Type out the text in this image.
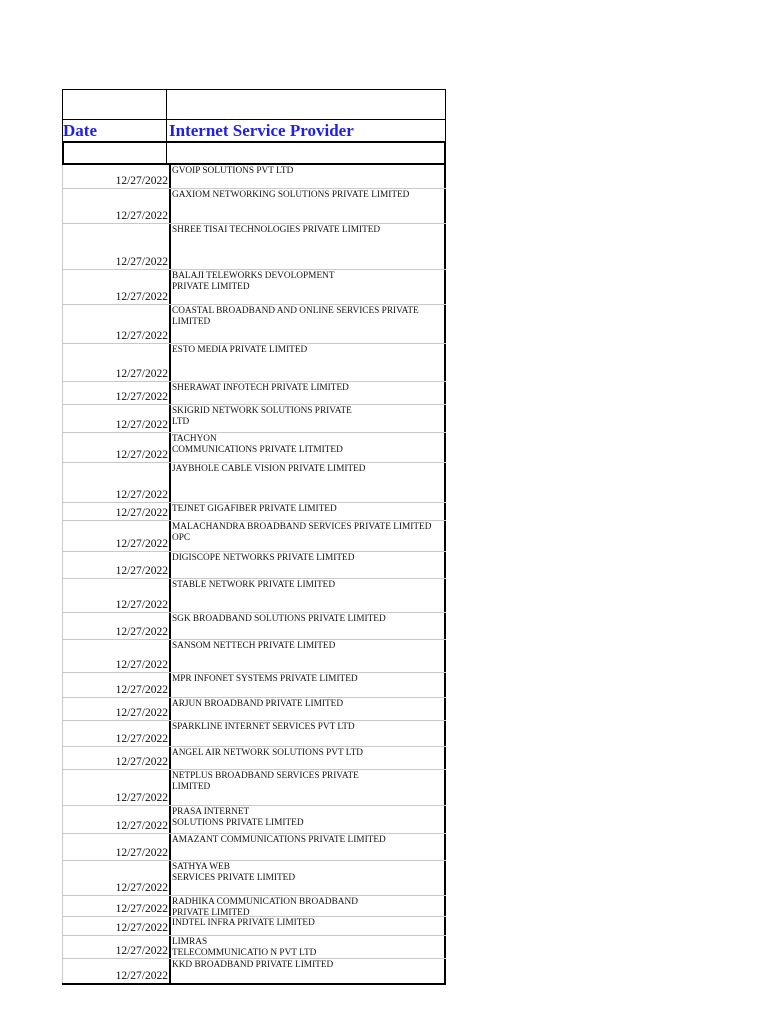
Date	Internet Service Provider
12/27/2022
GVOIP SOLUTIONS PVT LTD
12/27/2022
GAXIOM NETWORKING SOLUTIONS PRIVATE LIMITED
12/27/2022
SHREE TISAI TECHNOLOGIES PRIVATE LIMITED
12/27/2022
BALAJI TELEWORKS DEVOLOPMENT
PRIVATE LIMITED
12/27/2022
COASTAL BROADBAND AND ONLINE SERVICES PRIVATE
LIMITED
12/27/2022
ESTO MEDIA PRIVATE LIMITED
12/27/2022
SHERAWAT INFOTECH PRIVATE LIMITED
12/27/2022
SKIGRID NETWORK SOLUTIONS PRIVATE
LTD
12/27/2022
TACHYON
COMMUNICATIONS PRIVATE LITMITED
12/27/2022
JAYBHOLE CABLE VISION PRIVATE LIMITED
12/27/2022 TEJNET GIGAFIBER PRIVATE LIMITED
12/27/2022
MALACHANDRA BROADBAND SERVICES PRIVATE LIMITED OPC
12/27/2022
DIGISCOPE NETWORKS PRIVATE LIMITED
12/27/2022
STABLE NETWORK PRIVATE LIMITED
12/27/2022
SGK BROADBAND SOLUTIONS PRIVATE LIMITED
12/27/2022
SANSOM NETTECH PRIVATE LIMITED
12/27/2022
MPR INFONET SYSTEMS PRIVATE LIMITED
12/27/2022
ARJUN BROADBAND PRIVATE LIMITED
12/27/2022
SPARKLINE INTERNET SERVICES PVT LTD
12/27/2022
ANGEL AIR NETWORK SOLUTIONS PVT LTD
12/27/2022
NETPLUS BROADBAND SERVICES PRIVATE
LIMITED
12/27/2022
PRASA INTERNET
SOLUTIONS PRIVATE LIMITED
12/27/2022
AMAZANT COMMUNICATIONS PRIVATE LIMITED
12/27/2022
SATHYA WEB
SERVICES PRIVATE LIMITED
12/27/2022
RADHIKA COMMUNICATION BROADBAND
PRIVATE LIMITED
12/27/2022 INDTEL INFRA PRIVATE LIMITED
12/27/2022
LIMRAS
TELECOMMUNICATIO N PVT LTD
12/27/2022
KKD BROADBAND PRIVATE LIMITED
